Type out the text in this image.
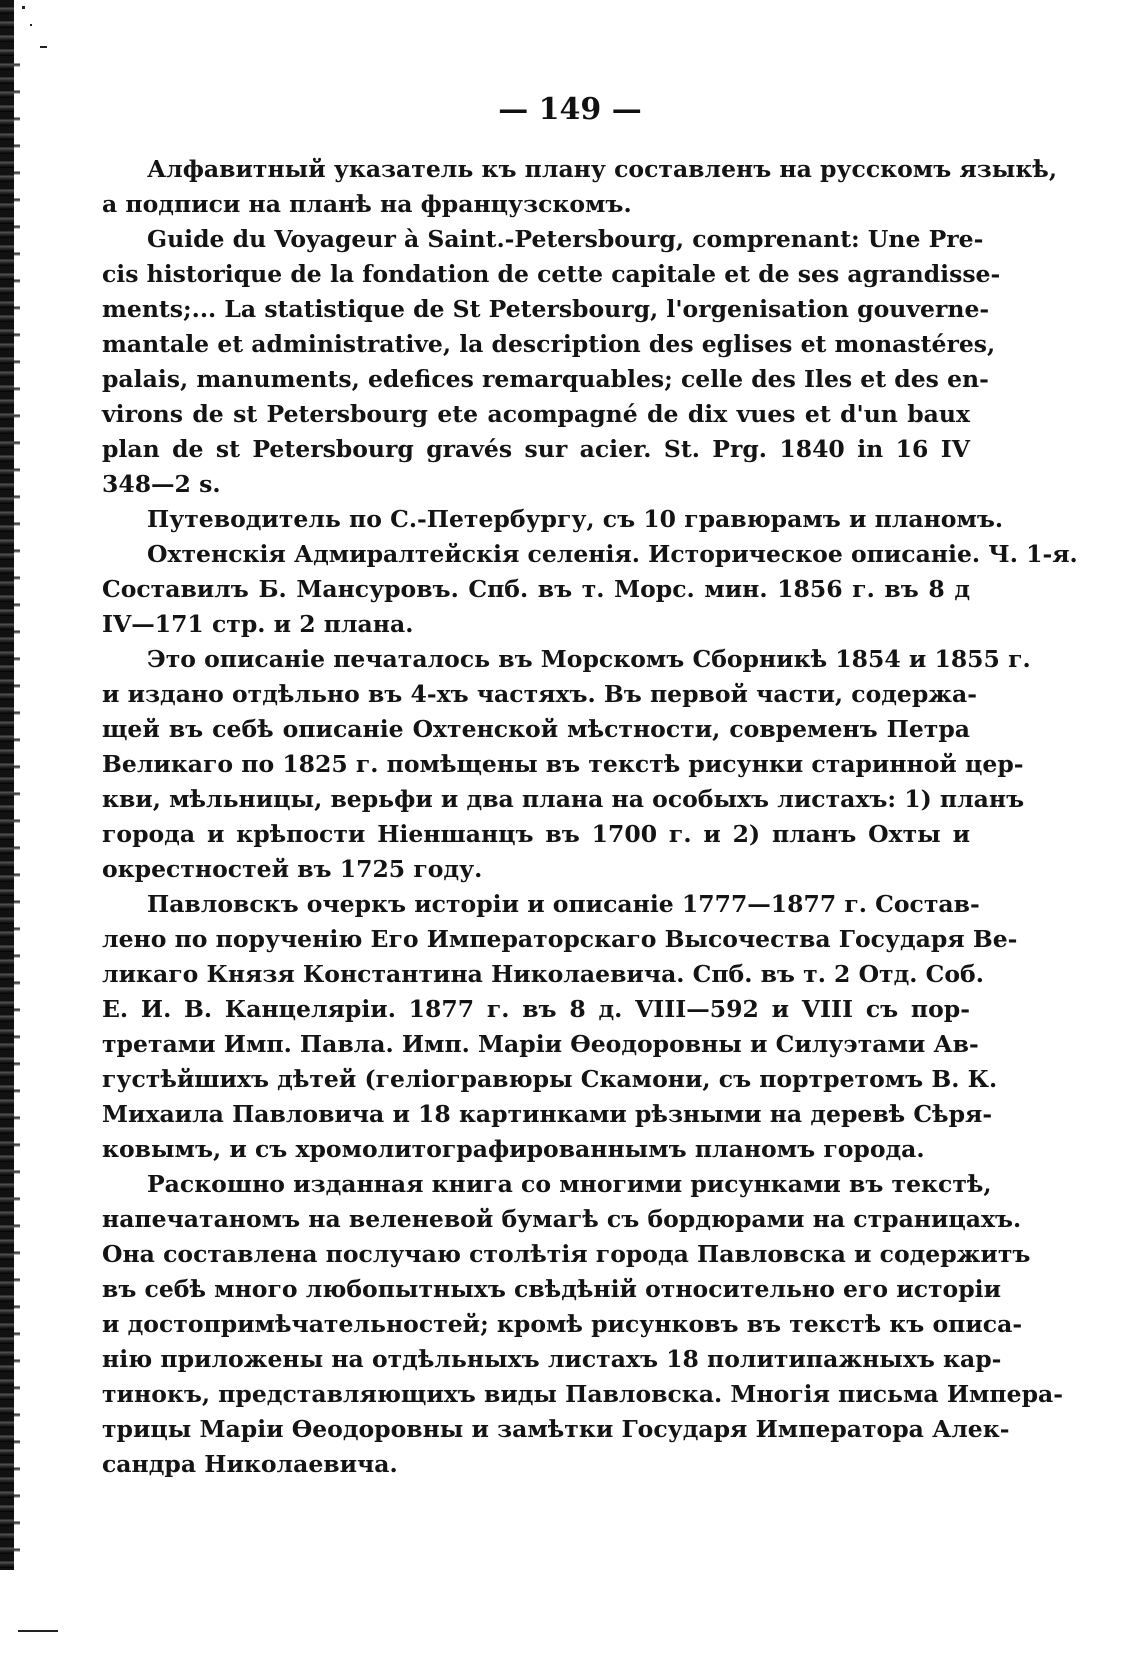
— 149 —
Алфавитный указатель къ плану составленъ на русскомъ языкѣ,
а подписи на планѣ на французскомъ.
Guide du Voyageur à Saint.-Petersbourg, comprenant: Une Pre-
cis historique de la fondation de cette capitale et de ses agrandisse-
ments;... La statistique de St Petersbourg, l'orgenisation gouverne-
mantale et administrative, la description des eglises et monastéres,
palais, manuments, edefices remarquables; celle des Iles et des en-
virons de st Petersbourg ete acompagné de dix vues et d'un baux
plan de st Petersbourg gravés sur acier. St. Prg. 1840 in 16 IV
348—2 s.
Путеводитель по С.-Петербургу, съ 10 гравюрамъ и планомъ.
Охтенскія Адмиралтейскія селенія. Историческое описаніе. Ч. 1-я.
Составилъ Б. Мансуровъ. Спб. въ т. Морс. мин. 1856 г. въ 8 д
IV—171 стр. и 2 плана.
Это описаніе печаталось въ Морскомъ Сборникѣ 1854 и 1855 г.
и издано отдѣльно въ 4-хъ частяхъ. Въ первой части, содержа-
щей въ себѣ описаніе Охтенской мѣстности, современъ Петра
Великаго по 1825 г. помѣщены въ текстѣ рисунки старинной цер-
кви, мѣльницы, верьфи и два плана на особыхъ листахъ: 1) планъ
города и крѣпости Ніеншанцъ въ 1700 г. и 2) планъ Охты и
окрестностей въ 1725 году.
Павловскъ очеркъ исторіи и описаніе 1777—1877 г. Состав-
лено по порученію Его Императорскаго Высочества Государя Ве-
ликаго Князя Константина Николаевича. Спб. въ т. 2 Отд. Соб.
Е. И. В. Канцеляріи. 1877 г. въ 8 д. VIII—592 и VIII съ пор-
третами Имп. Павла. Имп. Маріи Ѳеодоровны и Силуэтами Ав-
густѣйшихъ дѣтей (геліогравюры Скамони, съ портретомъ В. К.
Михаила Павловича и 18 картинками рѣзными на деревѣ Сѣря-
ковымъ, и съ хромолитографированнымъ планомъ города.
Раскошно изданная книга со многими рисунками въ текстѣ,
напечатаномъ на веленевой бумагѣ съ бордюрами на страницахъ.
Она составлена послучаю столѣтія города Павловска и содержитъ
въ себѣ много любопытныхъ свѣдѣній относительно его исторіи
и достопримѣчательностей; кромѣ рисунковъ въ текстѣ къ описа-
нію приложены на отдѣльныхъ листахъ 18 политипажныхъ кар-
тинокъ, представляющихъ виды Павловска. Многія письма Импера-
трицы Маріи Ѳеодоровны и замѣтки Государя Императора Алек-
сандра Николаевича.
